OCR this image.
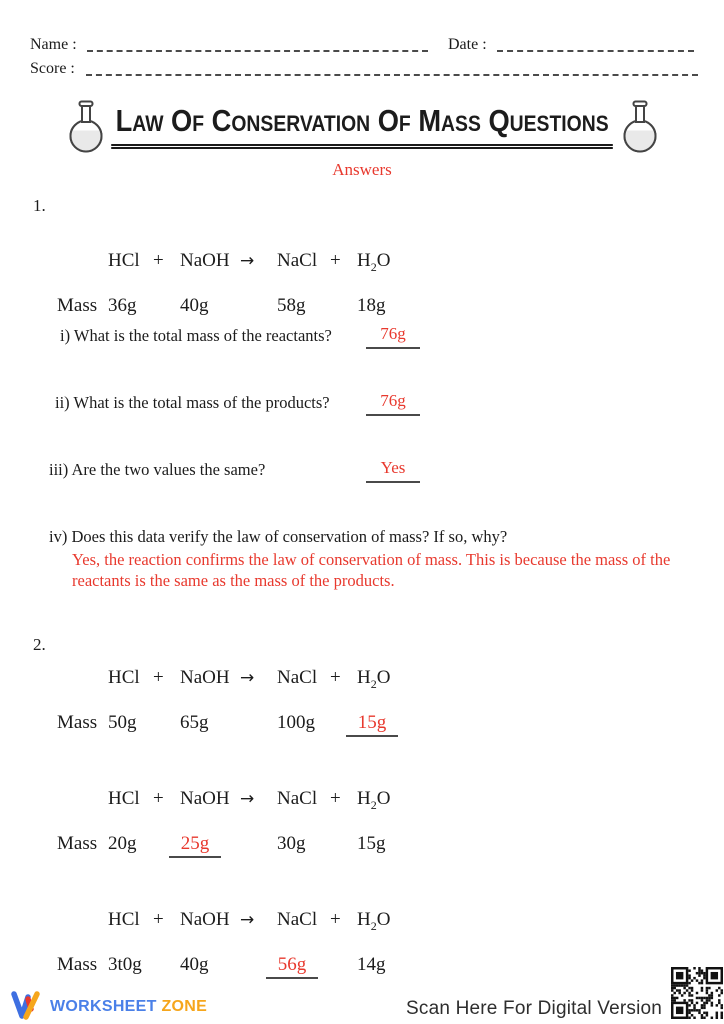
Name :	Date :
Score :
Law Of Conservation Of Mass Questions
Answers
1.
HCl + NaOH →	NaCl + $H_2O$
Mass 36g	40g	58g	18g
i) What is the total mass of the reactants?	76g
ii) What is the total mass of the products?	76g
iii) Are the two values the same?	Yes
iv) Does this data verify the law of conservation of mass? If so, why?
Yes, the reaction confirms the law of conservation of mass. This is because the mass of the reactants is the same as the mass of the products.
2.
HCl + NaOH →	NaCl + $H_2O$
Mass 50g	65g	100g	15g
HCl + NaOH →	NaCl + $H_2O$
Mass 20g	25g	30g	15g
HCl + NaOH →	NaCl + $H_2O$
Mass 3t0g	40g	56g	14g
WORKSHEET ZONE	Scan Here For Digital Version
